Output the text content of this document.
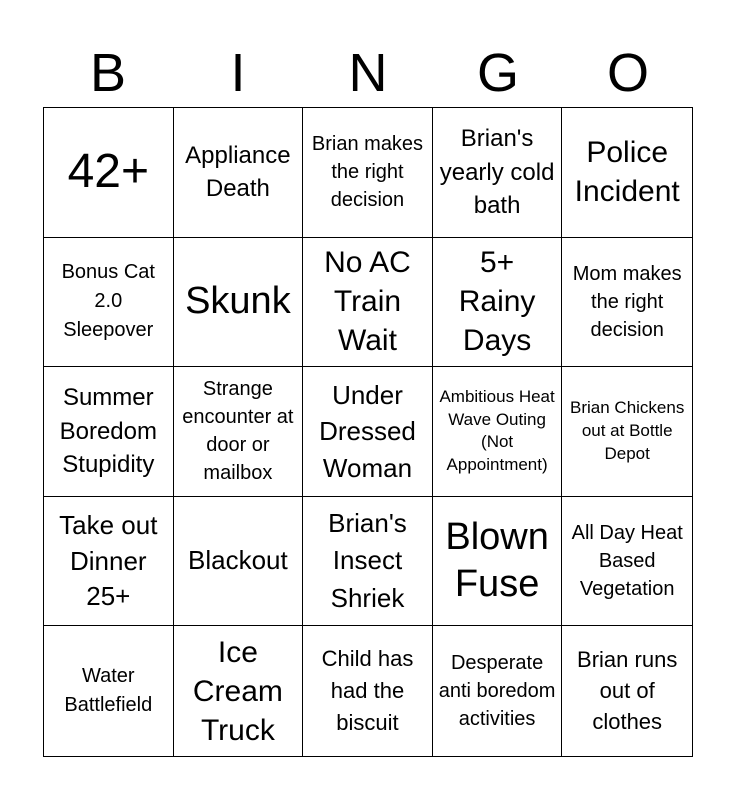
B	I	N	G	O
42+	Appliance Death
Brian makes the right decision
Brian's yearly cold bath
Police Incident
Bonus Cat 2.0 Sleepover
Skunk
No AC Train Wait
5+ Rainy Days
Mom makes the right decision
Summer Boredom Stupidity
Strange encounter at door or mailbox
Under Dressed Woman
Ambitious Heat Wave Outing (Not Appointment)
Brian Chickens out at Bottle Depot
Take out Dinner 25+
Blackout
Brian's Insect Shriek
Blown Fuse
All Day Heat Based Vegetation
Water Battlefield
Ice Cream Truck
Child has had the biscuit
Desperate anti boredom activities
Brian runs out of clothes
